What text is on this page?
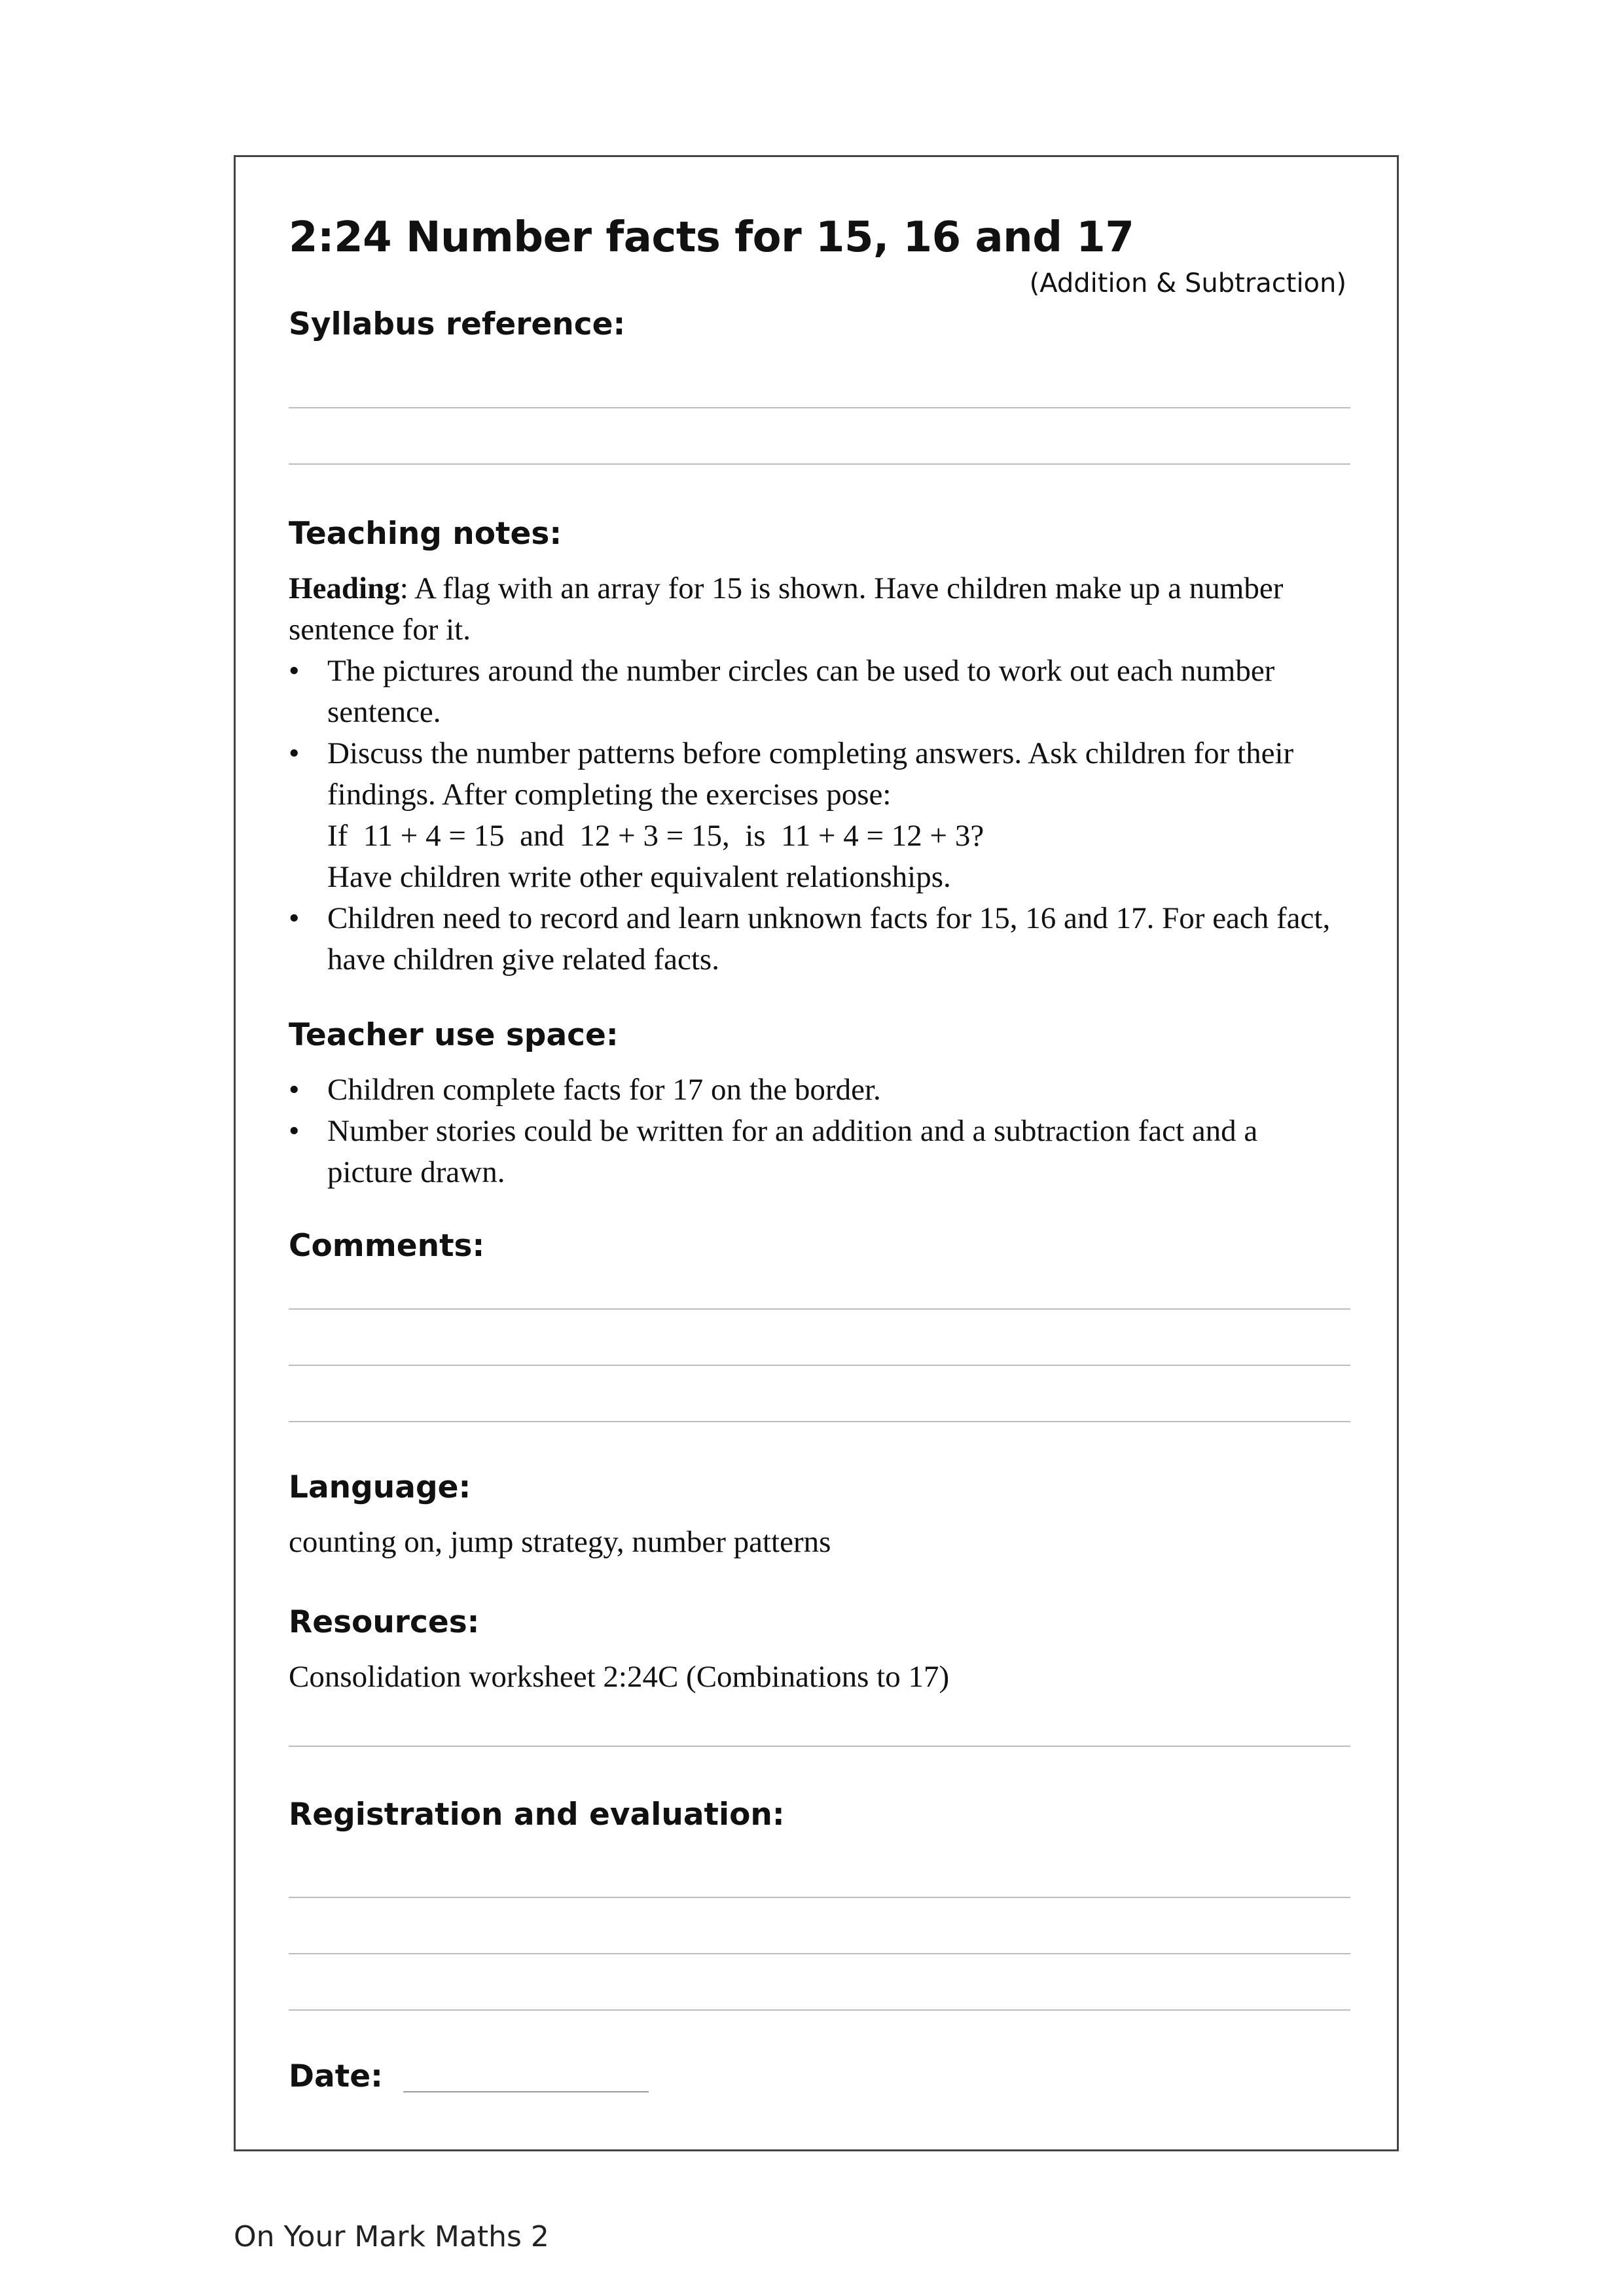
2:24 Number facts for 15, 16 and 17
(Addition & Subtraction)
Syllabus reference:
Teaching notes:

Heading: A flag with an array for 15 is shown. Have children make up a number sentence for it.

• The pictures around the number circles can be used to work out each number sentence.
• Discuss the number patterns before completing answers. Ask children for their findings. After completing the exercises pose:
If  11 + 4 = 15  and  12 + 3 = 15,  is  11 + 4 = 12 + 3?
Have children write other equivalent relationships.
• Children need to record and learn unknown facts for 15, 16 and 17. For each fact, have children give related facts.
Teacher use space:
• Children complete facts for 17 on the border.
• Number stories could be written for an addition and a subtraction fact and a picture drawn.
Comments:
Language:
counting on, jump strategy, number patterns
Resources:
Consolidation worksheet 2:24C (Combinations to 17)
Registration and evaluation:
Date:
On Your Mark Maths 2
